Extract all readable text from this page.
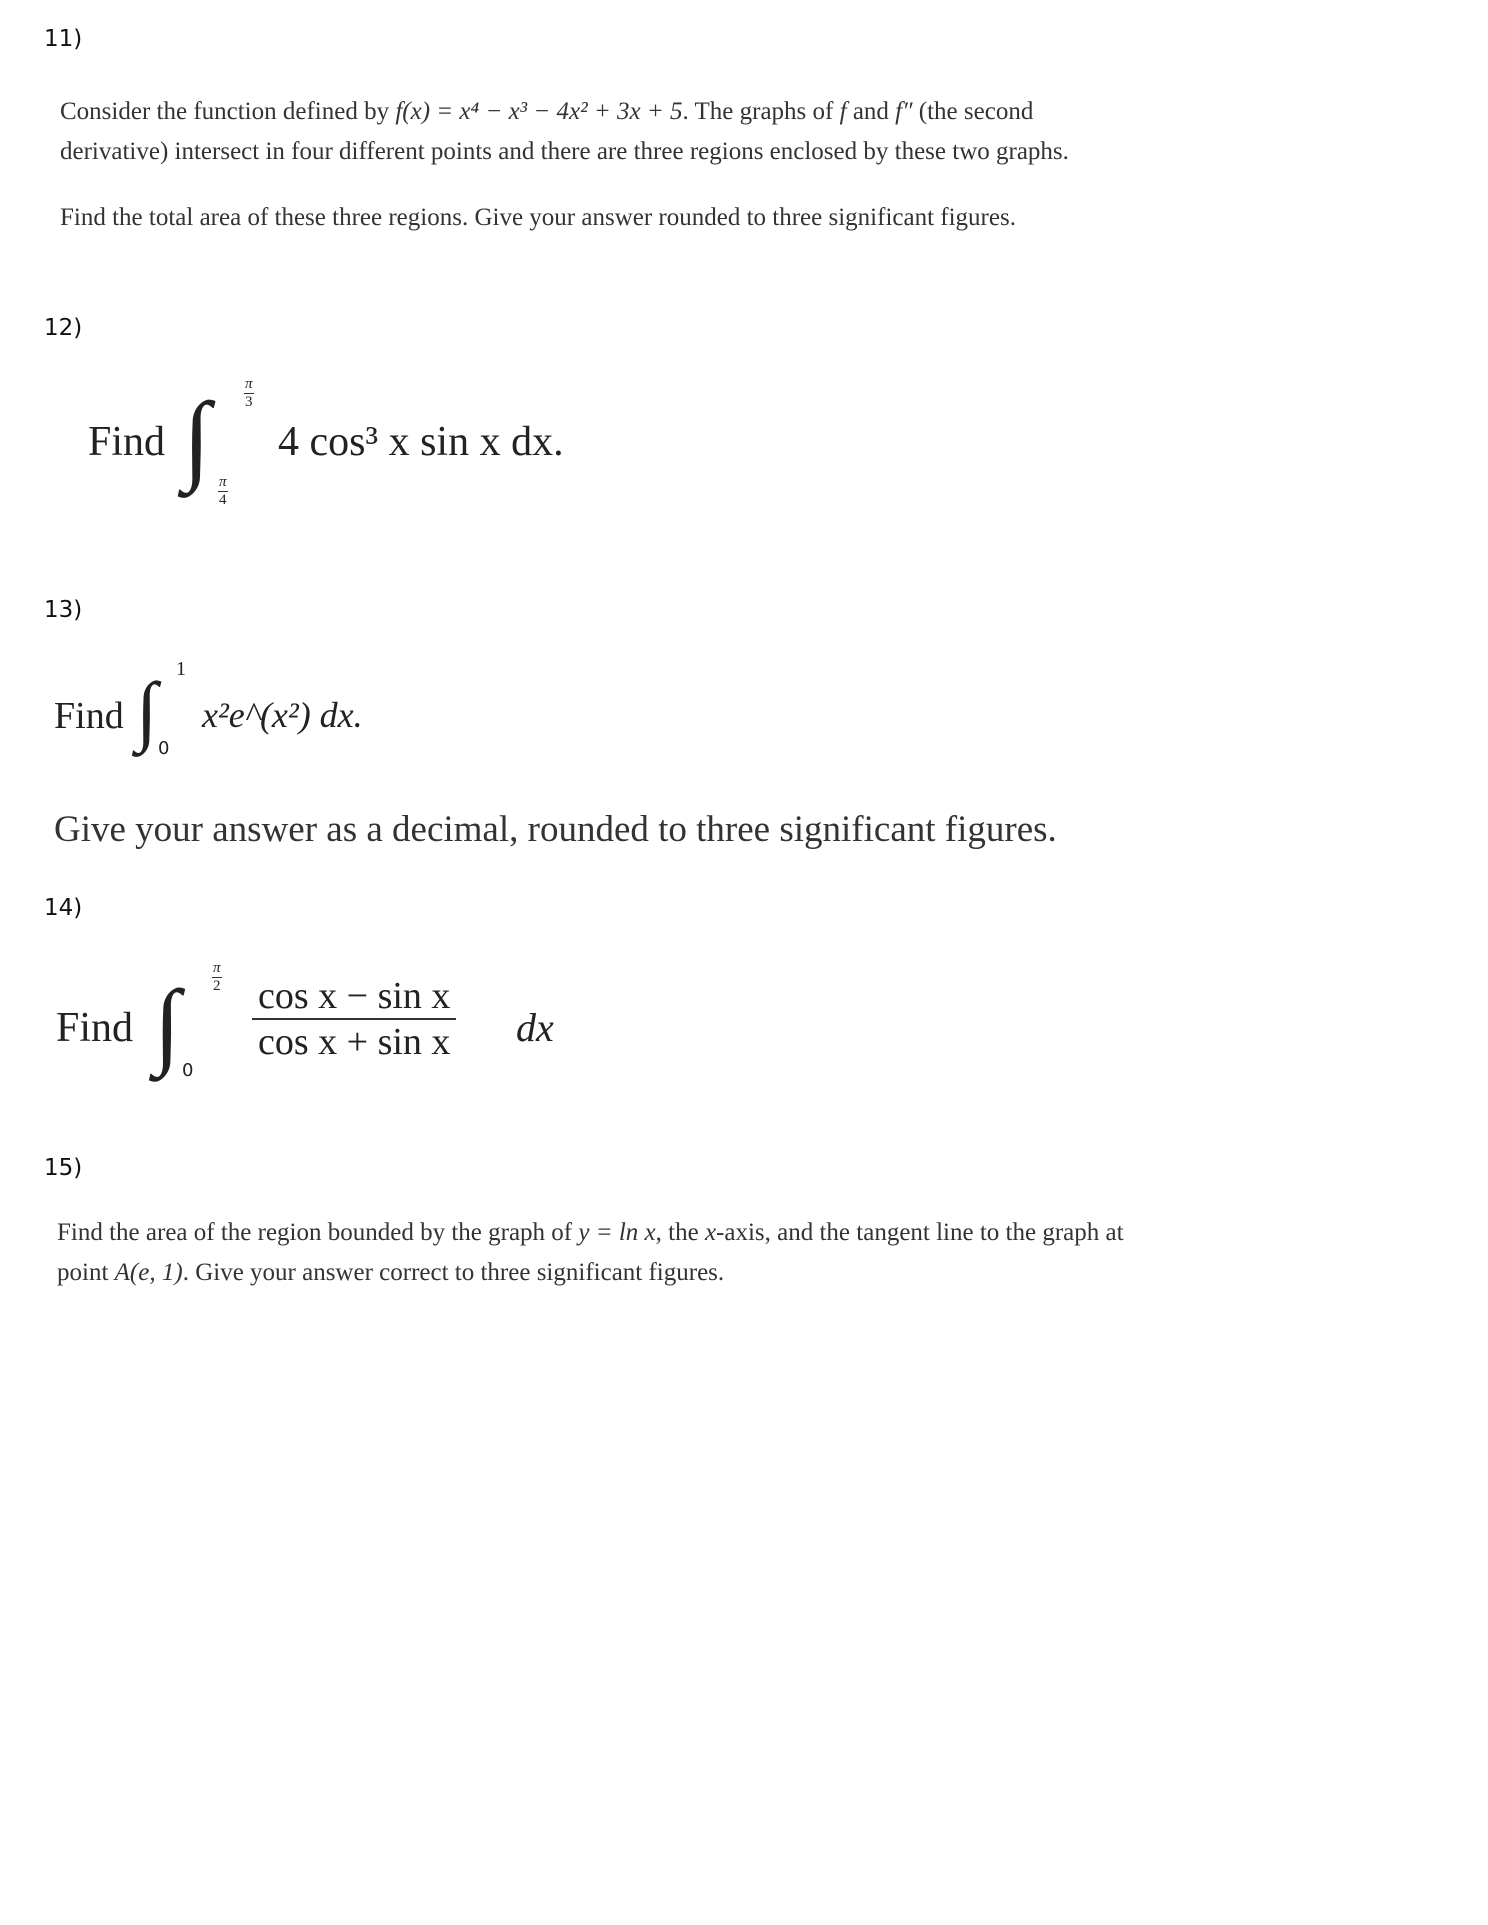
11)

Consider the function defined by f(x) = x⁴ − x³ − 4x² + 3x + 5. The graphs of f and f″ (the second derivative) intersect in four different points and there are three regions enclosed by these two graphs.

Find the total area of these three regions. Give your answer rounded to three significant figures.

12)
Find ∫ $\frac{\pi}{3}$
$\frac{\pi}{4}$
4 cos³ x sin x dx.
13)
Find ∫ 1
0
x²e^(x²) dx.
Give your answer as a decimal, rounded to three significant figures.
14)
Find ∫ $\frac{\pi}{2}$
0
cos x − sin x
cos x + sin x dx
15)

Find the area of the region bounded by the graph of y = ln x, the x-axis, and the tangent line to the graph at point A(e, 1). Give your answer correct to three significant figures.
